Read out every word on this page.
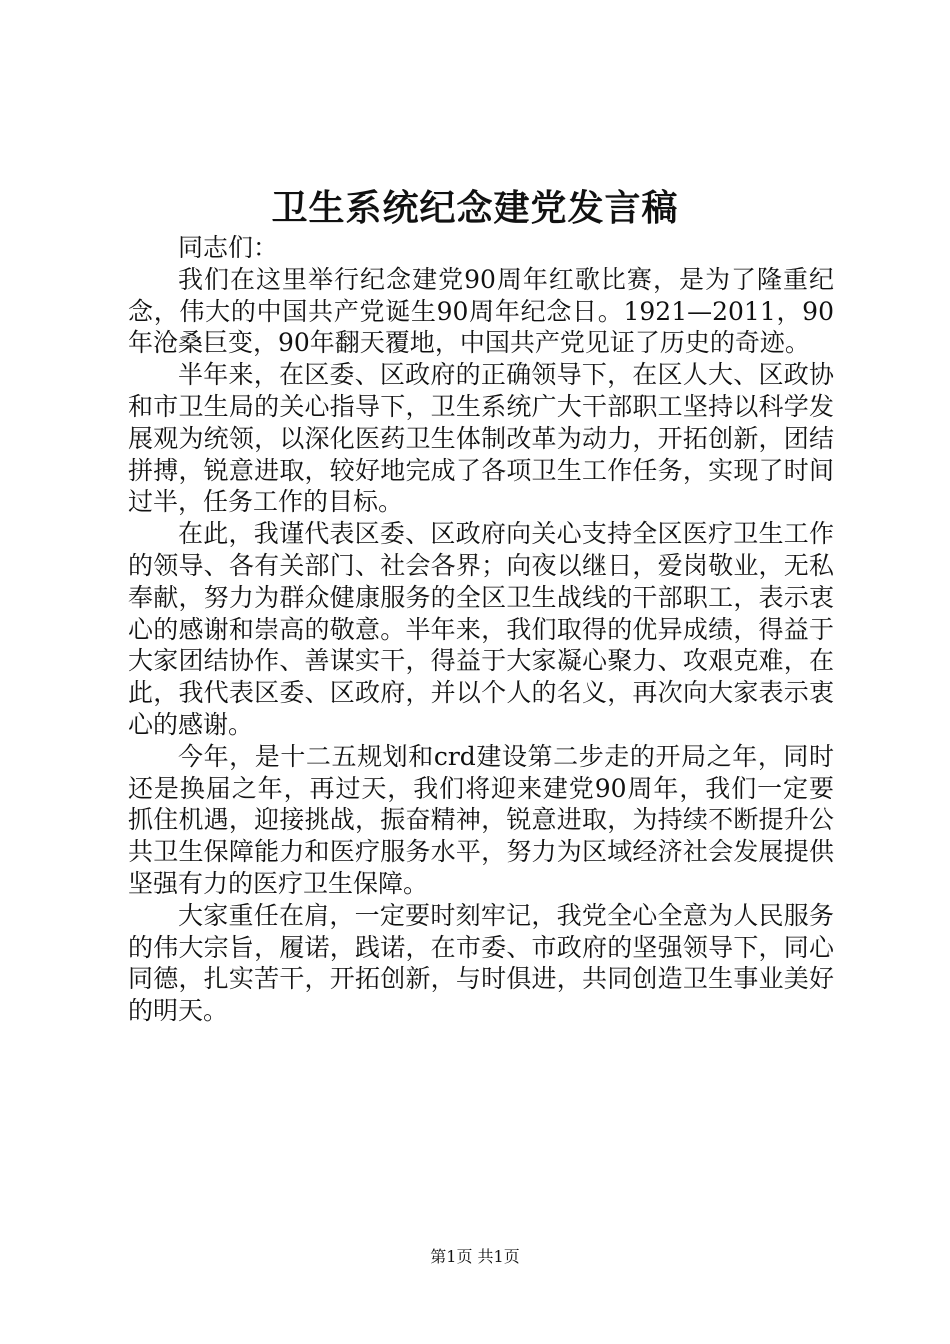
卫生系统纪念建党发言稿

同志们：

我们在这里举行纪念建党90周年红歌比赛，是为了隆重纪念，伟大的中国共产党诞生90周年纪念日。1921—2011，90年沧桑巨变，90年翻天覆地，中国共产党见证了历史的奇迹。

半年来，在区委、区政府的正确领导下，在区人大、区政协和市卫生局的关心指导下，卫生系统广大干部职工坚持以科学发展观为统领，以深化医药卫生体制改革为动力，开拓创新，团结拼搏，锐意进取，较好地完成了各项卫生工作任务，实现了时间过半，任务工作的目标。

在此，我谨代表区委、区政府向关心支持全区医疗卫生工作的领导、各有关部门、社会各界；向夜以继日，爱岗敬业，无私奉献，努力为群众健康服务的全区卫生战线的干部职工，表示衷心的感谢和崇高的敬意。半年来，我们取得的优异成绩，得益于大家团结协作、善谋实干，得益于大家凝心聚力、攻艰克难，在此，我代表区委、区政府，并以个人的名义，再次向大家表示衷心的感谢。

今年，是十二五规划和crd建设第二步走的开局之年，同时还是换届之年，再过天，我们将迎来建党90周年，我们一定要抓住机遇，迎接挑战，振奋精神，锐意进取，为持续不断提升公共卫生保障能力和医疗服务水平，努力为区域经济社会发展提供坚强有力的医疗卫生保障。

大家重任在肩，一定要时刻牢记，我党全心全意为人民服务的伟大宗旨，履诺，践诺，在市委、市政府的坚强领导下，同心同德，扎实苦干，开拓创新，与时俱进，共同创造卫生事业美好的明天。

第1页 共1页
